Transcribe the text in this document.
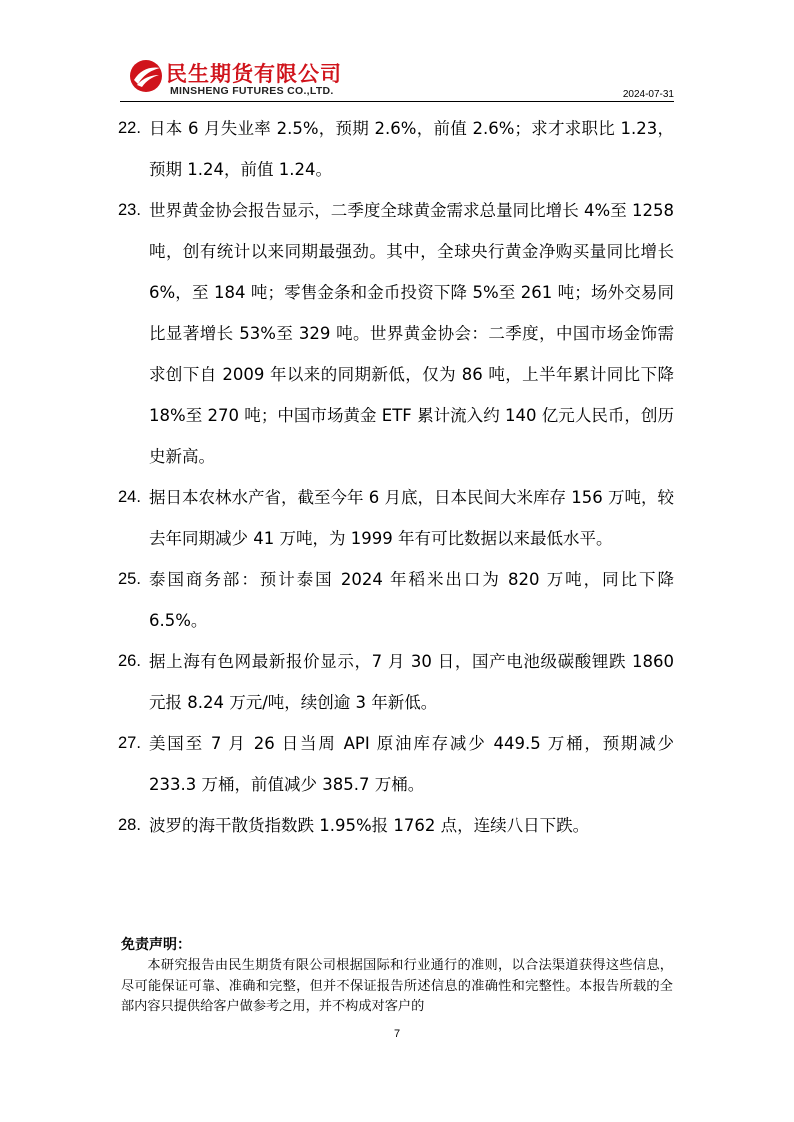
民生期货有限公司
MINSHENG FUTURES CO.,LTD.	2024-07-31
22. 日本 6 月失业率 2.5%，预期 2.6%，前值 2.6%；求才求职比 1.23，预期 1.24，前值 1.24。
23. 世界黄金协会报告显示，二季度全球黄金需求总量同比增长 4%至 1258 吨，创有统计以来同期最强劲。其中，全球央行黄金净购买量同比增长 6%，至 184 吨；零售金条和金币投资下降 5%至 261 吨；场外交易同比显著增长 53%至 329 吨。世界黄金协会：二季度，中国市场金饰需求创下自 2009 年以来的同期新低，仅为 86 吨，上半年累计同比下降 18%至 270 吨；中国市场黄金 ETF 累计流入约 140 亿元人民币，创历史新高。
24. 据日本农林水产省，截至今年 6 月底，日本民间大米库存 156 万吨，较去年同期减少 41 万吨，为 1999 年有可比数据以来最低水平。
25. 泰国商务部：预计泰国 2024 年稻米出口为 820 万吨，同比下降 6.5%。
26. 据上海有色网最新报价显示，7 月 30 日，国产电池级碳酸锂跌 1860 元报 8.24 万元/吨，续创逾 3 年新低。
27. 美国至 7 月 26 日当周 API 原油库存减少 449.5 万桶，预期减少 233.3 万桶，前值减少 385.7 万桶。
28. 波罗的海干散货指数跌 1.95%报 1762 点，连续八日下跌。

免责声明：

本研究报告由民生期货有限公司根据国际和行业通行的准则，以合法渠道获得这些信息，尽可能保证可靠、准确和完整，但并不保证报告所述信息的准确性和完整性。本报告所载的全部内容只提供给客户做参考之用，并不构成对客户的

7
